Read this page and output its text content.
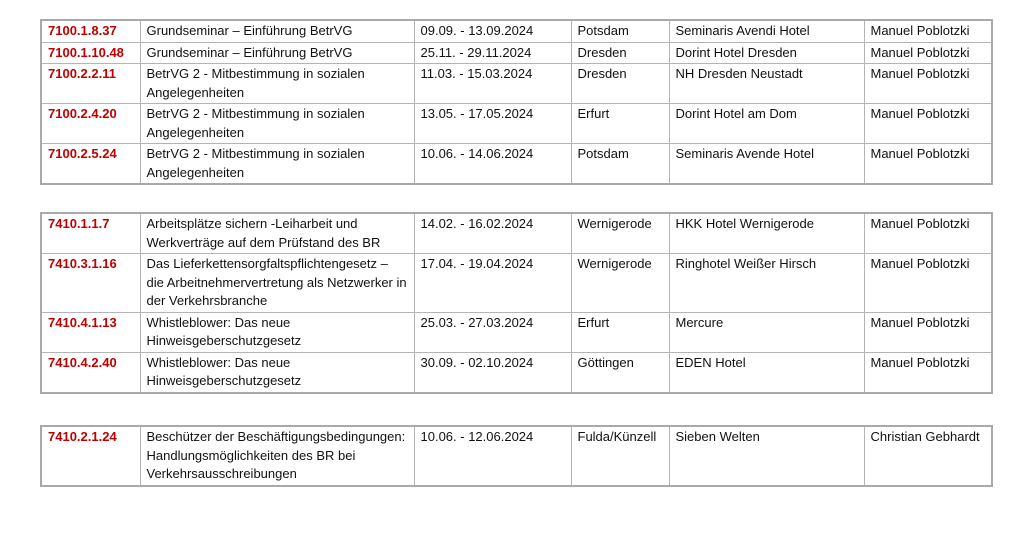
7100.1.8.37	Grundseminar – Einführung BetrVG	09.09. - 13.09.2024	Potsdam	Seminaris Avendi Hotel	Manuel Poblotzki
7100.1.10.48	Grundseminar – Einführung BetrVG	25.11. - 29.11.2024	Dresden	Dorint Hotel Dresden	Manuel Poblotzki
7100.2.2.11	BetrVG 2 - Mitbestimmung in sozialen Angelegenheiten	11.03. - 15.03.2024	Dresden	NH Dresden Neustadt	Manuel Poblotzki
7100.2.4.20	BetrVG 2 - Mitbestimmung in sozialen Angelegenheiten	13.05. - 17.05.2024	Erfurt	Dorint Hotel am Dom	Manuel Poblotzki
7100.2.5.24	BetrVG 2 - Mitbestimmung in sozialen Angelegenheiten	10.06. - 14.06.2024	Potsdam	Seminaris Avende Hotel	Manuel Poblotzki
7410.1.1.7	Arbeitsplätze sichern -Leiharbeit und Werkverträge auf dem Prüfstand des BR	14.02. - 16.02.2024	Wernigerode	HKK Hotel Wernigerode	Manuel Poblotzki
7410.3.1.16	Das Lieferkettensorgfaltspflichtengesetz – die Arbeitnehmervertretung als Netzwerker in der Verkehrsbranche	17.04. - 19.04.2024	Wernigerode	Ringhotel Weißer Hirsch	Manuel Poblotzki
7410.4.1.13	Whistleblower: Das neue Hinweisgeberschutzgesetz	25.03. - 27.03.2024	Erfurt	Mercure	Manuel Poblotzki
7410.4.2.40	Whistleblower: Das neue Hinweisgeberschutzgesetz	30.09. - 02.10.2024	Göttingen	EDEN Hotel	Manuel Poblotzki
7410.2.1.24	Beschützer der Beschäftigungsbedingungen: Handlungsmöglichkeiten des BR bei Verkehrsausschreibungen	10.06. - 12.06.2024	Fulda/Künzell	Sieben Welten	Christian Gebhardt
